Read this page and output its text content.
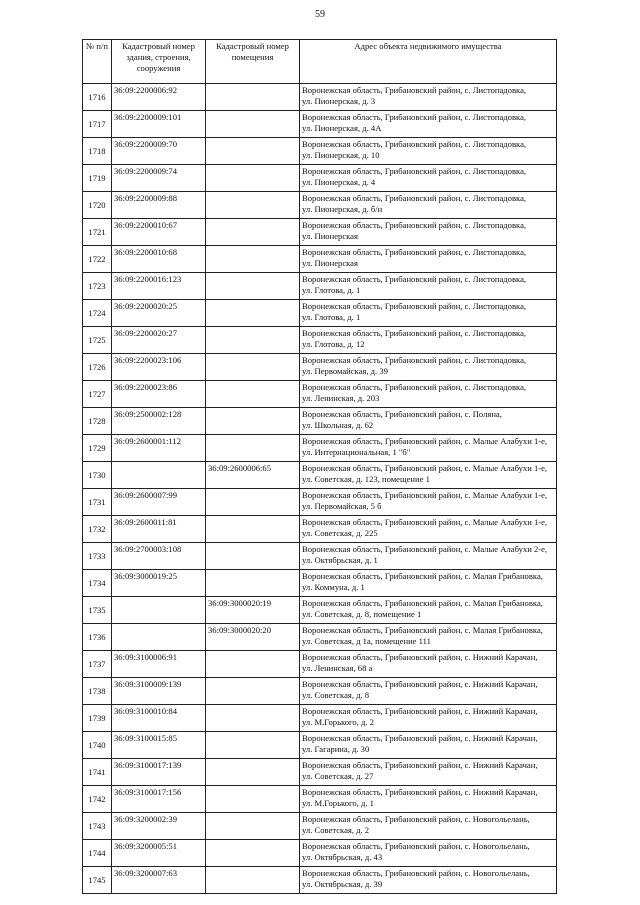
59
№ п/п	Кадастровый номер здания, строения, сооружения	Кадастровый номер помещения	Адрес объекта недвижимого имущества
1716	36:09:2200006:92		Воронежская область, Грибановский район, с. Листопадовка,
ул. Пионерская, д. 3

1717	36:09:2200009:101		Воронежская область, Грибановский район, с. Листопадовка,
ул. Пионерская, д. 4А

1718	36:09:2200009:70		Воронежская область, Грибановский район, с. Листопадовка,
ул. Пионерская, д. 10

1719	36:09:2200009:74		Воронежская область, Грибановский район, с. Листопадовка,
ул. Пионерская, д. 4

1720	36:09:2200009:88		Воронежская область, Грибановский район, с. Листопадовка,
ул. Пионерская, д. б/н

1721	36:09:2200010:67		Воронежская область, Грибановский район, с. Листопадовка,
ул. Пионерская

1722	36:09:2200010:68		Воронежская область, Грибановский район, с. Листопадовка,
ул. Пионерская

1723	36:09:2200016:123		Воронежская область, Грибановский район, с. Листопадовка,
ул. Глотова, д. 1

1724	36:09:2200020:25		Воронежская область, Грибановский район, с. Листопадовка,
ул. Глотова, д. 1

1725	36:09:2200020:27		Воронежская область, Грибановский район, с. Листопадовка,
ул. Глотова, д. 12

1726	36:09:2200023:106		Воронежская область, Грибановский район, с. Листопадовка,
ул. Первомайская, д. 39

1727	36:09:2200023:86		Воронежская область, Грибановский район, с. Листопадовка,
ул. Ленинская, д. 203

1728	36:09:2500002:128		Воронежская область, Грибановский район, с. Поляна,
ул. Школьная, д. 62

1729	36:09:2600001:112		Воронежская область, Грибановский район, с. Малые Алабухи 1-е,
ул. Интернациональная, 1 "б"

1730		36:09:2600006:65	Воронежская область, Грибановский район, с. Малые Алабухи 1-е,
ул. Советская, д. 123, помещение 1

1731	36:09:2600007:99		Воронежская область, Грибановский район, с. Малые Алабухи 1-е,
ул. Первомайская, 5 б

1732	36:09:2600011:81		Воронежская область, Грибановский район, с. Малые Алабухи 1-е,
ул. Советская, д. 225

1733	36:09:2700003:108		Воронежская область, Грибановский район, с. Малые Алабухи 2-е,
ул. Октябрьская, д. 1

1734	36:09:3000019:25		Воронежская область, Грибановский район, с. Малая Грибановка,
ул. Коммуна, д. 1

1735		36:09:3000020:19	Воронежская область, Грибановский район, с. Малая Грибановка,
ул. Советская, д. 8, помещение 1

1736		36:09:3000020:20	Воронежская область, Грибановский район, с. Малая Грибановка,
ул. Советская, д 1а, помещение 111

1737	36:09:3100006:91		Воронежская область, Грибановский район, с. Нижний Карачан,
ул. Ленинская, 68 а

1738	36:09:3100009:139		Воронежская область, Грибановский район, с. Нижний Карачан,
ул. Советская, д. 8

1739	36:09:3100010:84		Воронежская область, Грибановский район, с. Нижний Карачан,
ул. М.Горького, д. 2

1740	36:09:3100015:85		Воронежская область, Грибановский район, с. Нижний Карачан,
ул. Гагарина, д. 30

1741	36:09:3100017:139		Воронежская область, Грибановский район, с. Нижний Карачан,
ул. Советская, д. 27

1742	36:09:3100017:156		Воронежская область, Грибановский район, с. Нижний Карачан,
ул. М.Горького, д. 1

1743	36:09:3200002:39		Воронежская область, Грибановский район, с. Новогольелань,
ул. Советская, д. 2

1744	36:09:3200005:51		Воронежская область, Грибановский район, с. Новогольелань,
ул. Октябрьская, д. 43

1745	36:09:3200007:63		Воронежская область, Грибановский район, с. Новогольелань,
ул. Октябрьская, д. 39
